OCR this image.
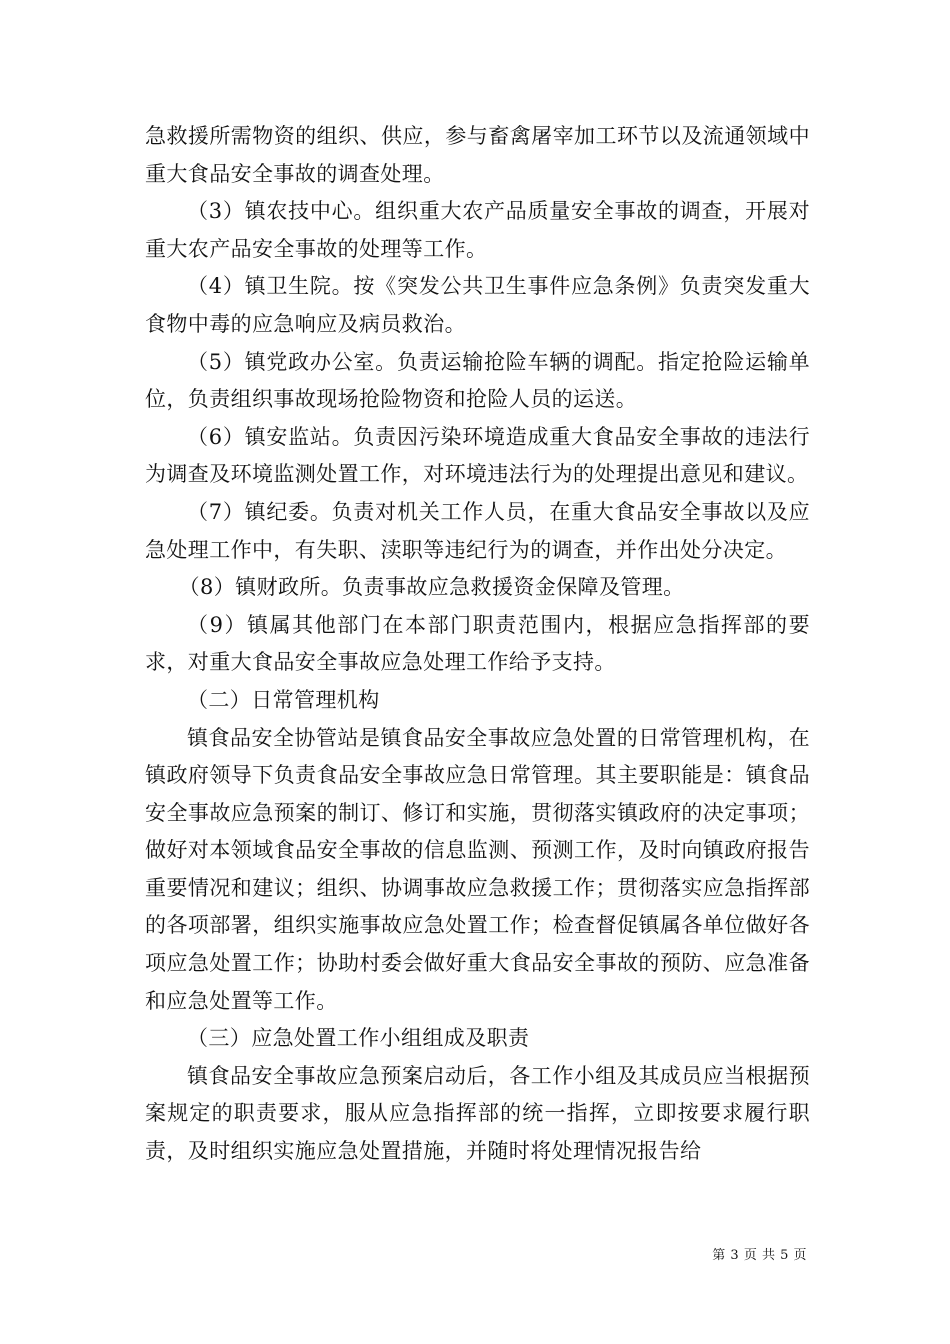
急救援所需物资的组织、供应，参与畜禽屠宰加工环节以及流通领域中重大食品安全事故的调查处理。

（3）镇农技中心。组织重大农产品质量安全事故的调查，开展对重大农产品安全事故的处理等工作。

（4）镇卫生院。按《突发公共卫生事件应急条例》负责突发重大食物中毒的应急响应及病员救治。

（5）镇党政办公室。负责运输抢险车辆的调配。指定抢险运输单位，负责组织事故现场抢险物资和抢险人员的运送。

（6）镇安监站。负责因污染环境造成重大食品安全事故的违法行为调查及环境监测处置工作，对环境违法行为的处理提出意见和建议。

（7）镇纪委。负责对机关工作人员，在重大食品安全事故以及应急处理工作中，有失职、渎职等违纪行为的调查，并作出处分决定。

（8）镇财政所。负责事故应急救援资金保障及管理。

（9）镇属其他部门在本部门职责范围内，根据应急指挥部的要求，对重大食品安全事故应急处理工作给予支持。

（二）日常管理机构

镇食品安全协管站是镇食品安全事故应急处置的日常管理机构，在镇政府领导下负责食品安全事故应急日常管理。其主要职能是：镇食品安全事故应急预案的制订、修订和实施，贯彻落实镇政府的决定事项；做好对本领域食品安全事故的信息监测、预测工作，及时向镇政府报告重要情况和建议；组织、协调事故应急救援工作；贯彻落实应急指挥部的各项部署，组织实施事故应急处置工作；检查督促镇属各单位做好各项应急处置工作；协助村委会做好重大食品安全事故的预防、应急准备和应急处置等工作。

（三）应急处置工作小组组成及职责

镇食品安全事故应急预案启动后，各工作小组及其成员应当根据预案规定的职责要求，服从应急指挥部的统一指挥，立即按要求履行职责，及时组织实施应急处置措施，并随时将处理情况报告给

第 3 页 共 5 页
